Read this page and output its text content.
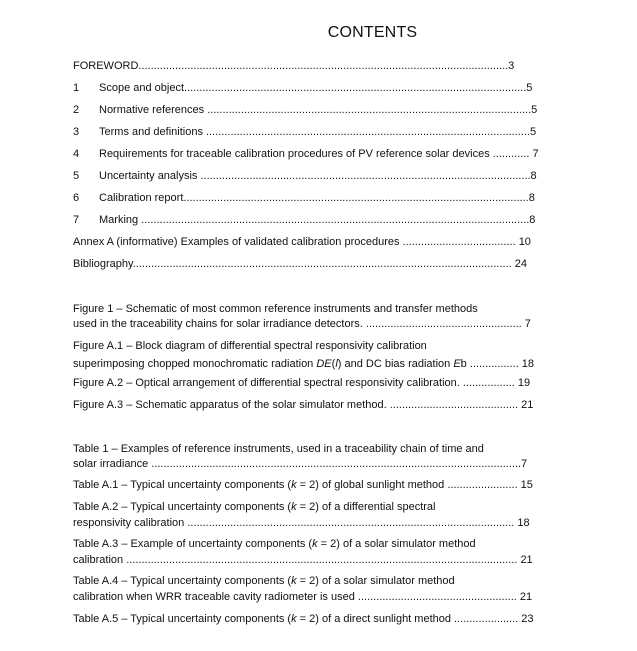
CONTENTS
FOREWORD.........................................................................................................................3
1 Scope and object................................................................................................................5
2 Normative references ..........................................................................................................5
3 Terms and definitions ..........................................................................................................5
4 Requirements for traceable calibration procedures of PV reference solar devices ............ 7
5 Uncertainty analysis ............................................................................................................8
6 Calibration report.................................................................................................................8
7 Marking ...............................................................................................................................8
Annex A (informative) Examples of validated calibration procedures ..................................... 10
Bibliography............................................................................................................................ 24
Figure 1 – Schematic of most common reference instruments and transfer methods
used in the traceability chains for solar irradiance detectors. ................................................... 7
Figure A.1 – Block diagram of differential spectral responsivity calibration
superimposing chopped monochromatic radiation DE(l) and DC bias radiation Eb ................ 18
Figure A.2 – Optical arrangement of differential spectral responsivity calibration. ................. 19
Figure A.3 – Schematic apparatus of the solar simulator method. .......................................... 21
Table 1 – Examples of reference instruments, used in a traceability chain of time and
solar irradiance .........................................................................................................................7
Table A.1 – Typical uncertainty components (k = 2) of global sunlight method ....................... 15
Table A.2 – Typical uncertainty components (k = 2) of a differential spectral
responsivity calibration ........................................................................................................... 18
Table A.3 – Example of uncertainty components (k = 2) of a solar simulator method
calibration ................................................................................................................................ 21
Table A.4 – Typical uncertainty components (k = 2) of a solar simulator method
calibration when WRR traceable cavity radiometer is used .................................................... 21
Table A.5 – Typical uncertainty components (k = 2) of a direct sunlight method ..................... 23
